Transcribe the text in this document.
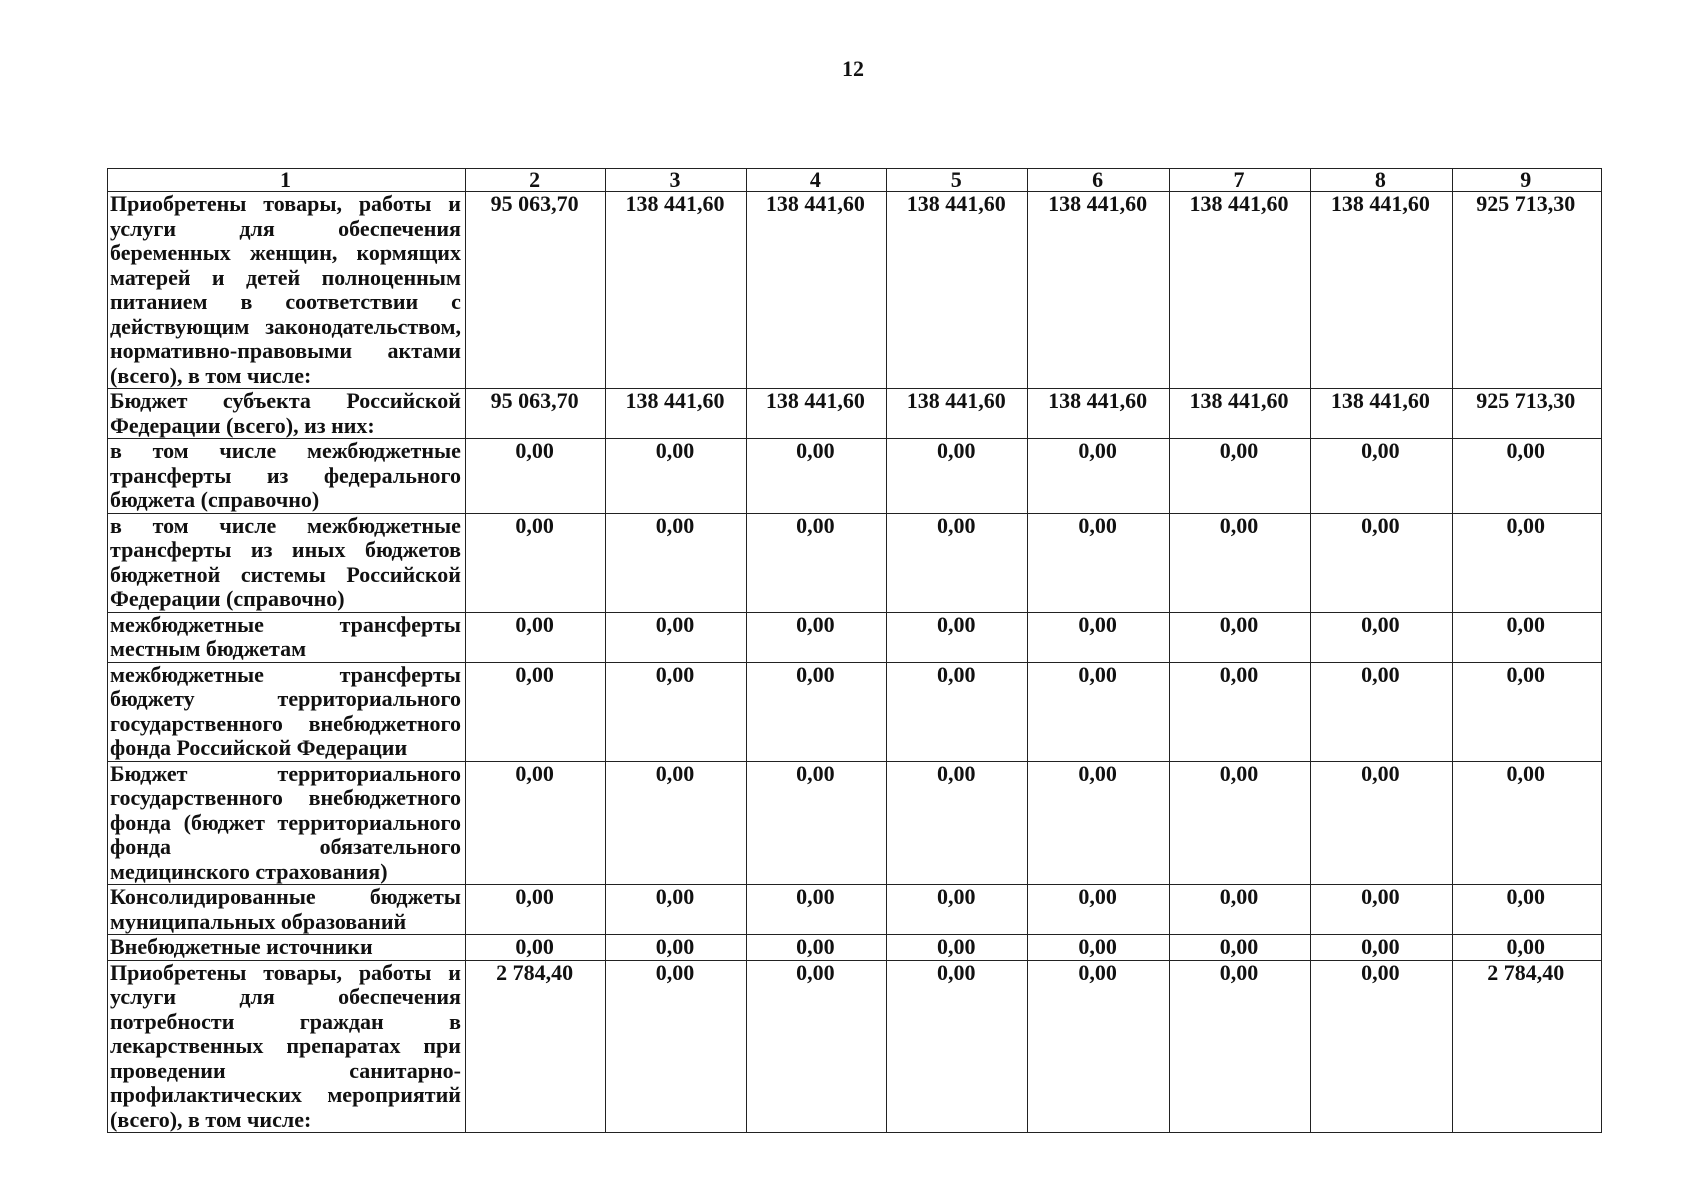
12
1	2	3	4	5	6	7	8	9
Приобретены товары, работы и услуги для обеспечения беременных женщин, кормящих матерей и детей полноценным питанием в соответствии с действующим законодательством, нормативно-правовыми актами (всего), в том числе:	95 063,70	138 441,60	138 441,60	138 441,60	138 441,60	138 441,60	138 441,60	925 713,30
Бюджет субъекта Российской Федерации (всего), из них:	95 063,70	138 441,60	138 441,60	138 441,60	138 441,60	138 441,60	138 441,60	925 713,30
в том числе межбюджетные трансферты из федерального бюджета (справочно)	0,00	0,00	0,00	0,00	0,00	0,00	0,00	0,00
в том числе межбюджетные трансферты из иных бюджетов бюджетной системы Российской Федерации (справочно)	0,00	0,00	0,00	0,00	0,00	0,00	0,00	0,00
межбюджетные трансферты местным бюджетам	0,00	0,00	0,00	0,00	0,00	0,00	0,00	0,00
межбюджетные трансферты бюджету территориального государственного внебюджетного фонда Российской Федерации	0,00	0,00	0,00	0,00	0,00	0,00	0,00	0,00
Бюджет территориального государственного внебюджетного фонда (бюджет территориального фонда обязательного медицинского страхования)	0,00	0,00	0,00	0,00	0,00	0,00	0,00	0,00
Консолидированные бюджеты муниципальных образований	0,00	0,00	0,00	0,00	0,00	0,00	0,00	0,00
Внебюджетные источники	0,00	0,00	0,00	0,00	0,00	0,00	0,00	0,00
Приобретены товары, работы и услуги для обеспечения потребности граждан в лекарственных препаратах при проведении санитарно-профилактических мероприятий (всего), в том числе:	2 784,40	0,00	0,00	0,00	0,00	0,00	0,00	2 784,40
